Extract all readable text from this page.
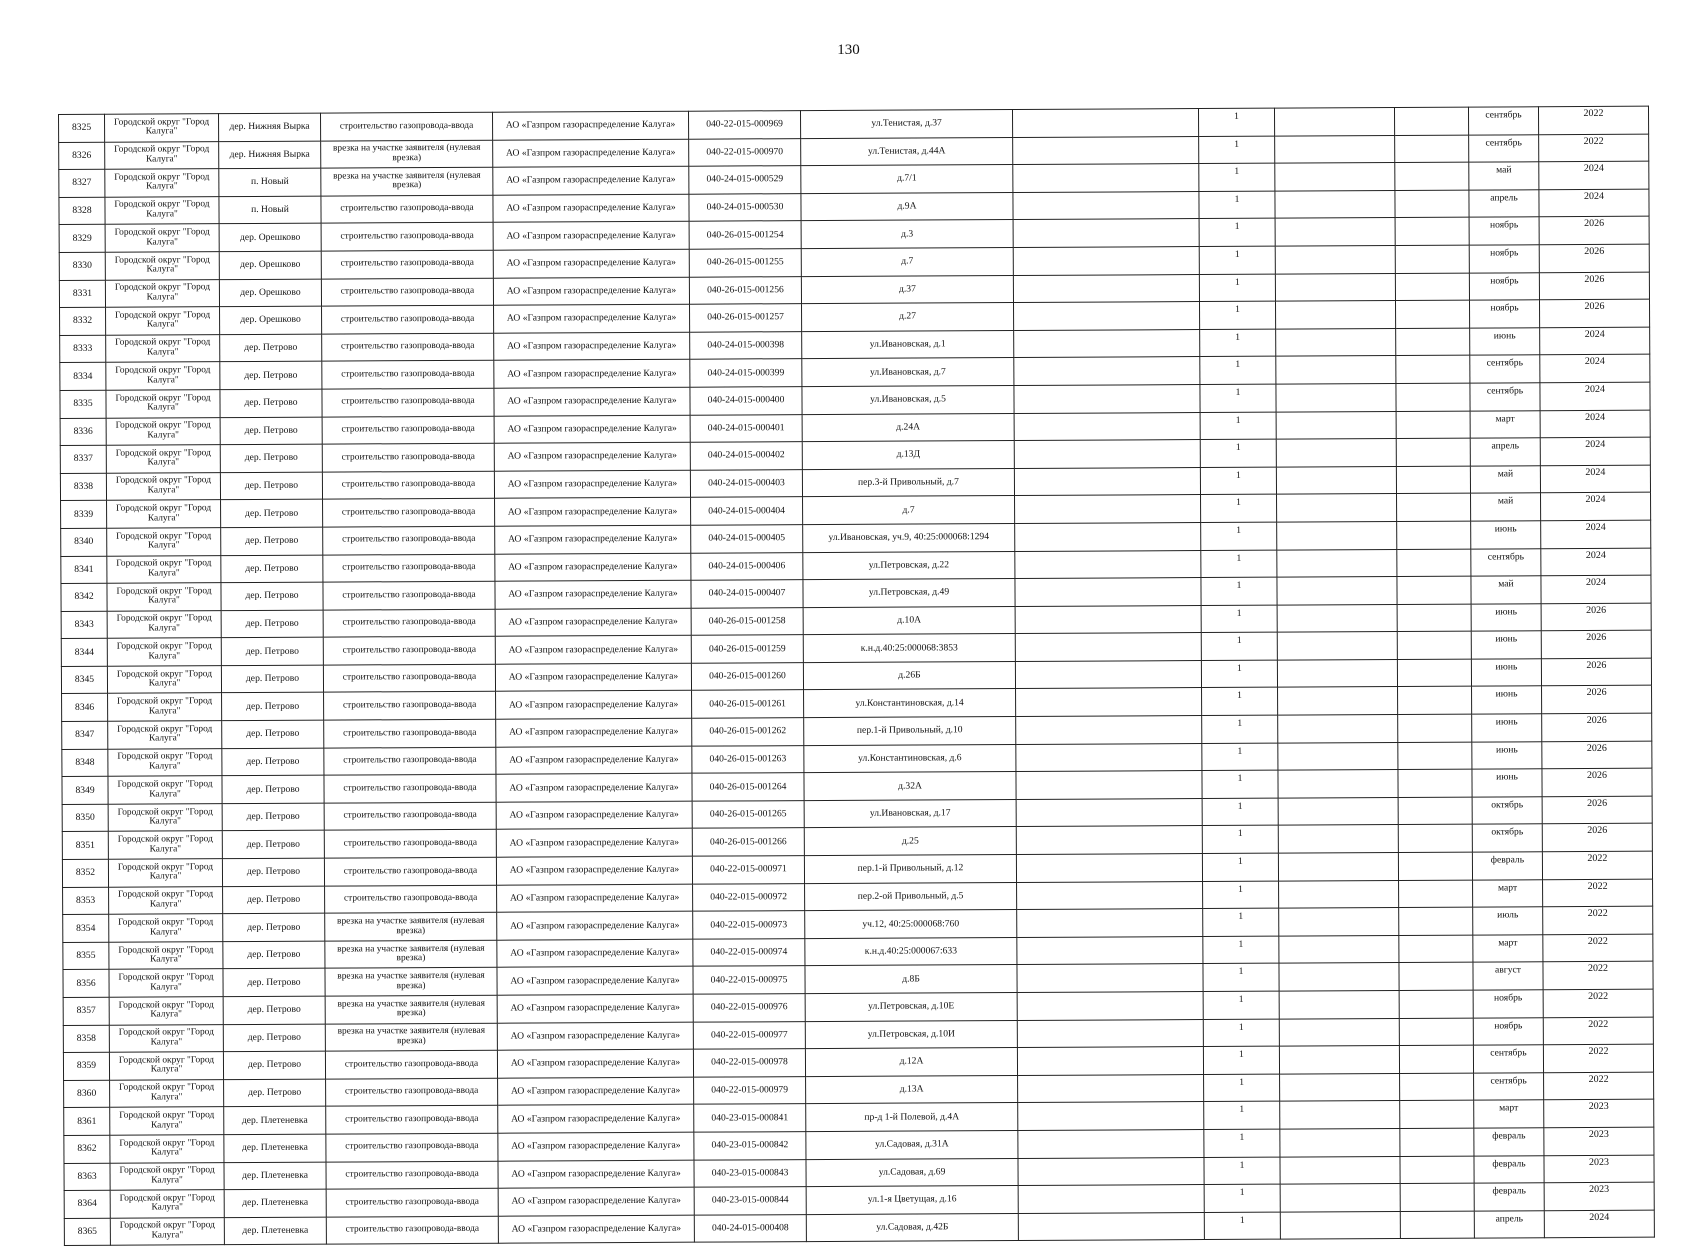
130
8325	Городской округ "Город Калуга"	дер. Нижняя Вырка	строительство газопровода-ввода	АО «Газпром газораспределение Калуга»	040-22-015-000969	ул.Тенистая, д.37		1			сентябрь	2022
8326	Городской округ "Город Калуга"	дер. Нижняя Вырка	врезка на участке заявителя (нулевая врезка)	АО «Газпром газораспределение Калуга»	040-22-015-000970	ул.Тенистая, д.44А		1			сентябрь	2022
8327	Городской округ "Город Калуга"	п. Новый	врезка на участке заявителя (нулевая врезка)	АО «Газпром газораспределение Калуга»	040-24-015-000529	д.7/1		1			май	2024
8328	Городской округ "Город Калуга"	п. Новый	строительство газопровода-ввода	АО «Газпром газораспределение Калуга»	040-24-015-000530	д.9А		1			апрель	2024
8329	Городской округ "Город Калуга"	дер. Орешково	строительство газопровода-ввода	АО «Газпром газораспределение Калуга»	040-26-015-001254	д.3		1			ноябрь	2026
8330	Городской округ "Город Калуга"	дер. Орешково	строительство газопровода-ввода	АО «Газпром газораспределение Калуга»	040-26-015-001255	д.7		1			ноябрь	2026
8331	Городской округ "Город Калуга"	дер. Орешково	строительство газопровода-ввода	АО «Газпром газораспределение Калуга»	040-26-015-001256	д.37		1			ноябрь	2026
8332	Городской округ "Город Калуга"	дер. Орешково	строительство газопровода-ввода	АО «Газпром газораспределение Калуга»	040-26-015-001257	д.27		1			ноябрь	2026
8333	Городской округ "Город Калуга"	дер. Петрово	строительство газопровода-ввода	АО «Газпром газораспределение Калуга»	040-24-015-000398	ул.Ивановская, д.1		1			июнь	2024
8334	Городской округ "Город Калуга"	дер. Петрово	строительство газопровода-ввода	АО «Газпром газораспределение Калуга»	040-24-015-000399	ул.Ивановская, д.7		1			сентябрь	2024
8335	Городской округ "Город Калуга"	дер. Петрово	строительство газопровода-ввода	АО «Газпром газораспределение Калуга»	040-24-015-000400	ул.Ивановская, д.5		1			сентябрь	2024
8336	Городской округ "Город Калуга"	дер. Петрово	строительство газопровода-ввода	АО «Газпром газораспределение Калуга»	040-24-015-000401	д.24А		1			март	2024
8337	Городской округ "Город Калуга"	дер. Петрово	строительство газопровода-ввода	АО «Газпром газораспределение Калуга»	040-24-015-000402	д.13Д		1			апрель	2024
8338	Городской округ "Город Калуга"	дер. Петрово	строительство газопровода-ввода	АО «Газпром газораспределение Калуга»	040-24-015-000403	пер.3-й Привольный, д.7		1			май	2024
8339	Городской округ "Город Калуга"	дер. Петрово	строительство газопровода-ввода	АО «Газпром газораспределение Калуга»	040-24-015-000404	д.7		1			май	2024
8340	Городской округ "Город Калуга"	дер. Петрово	строительство газопровода-ввода	АО «Газпром газораспределение Калуга»	040-24-015-000405	ул.Ивановская, уч.9, 40:25:000068:1294		1			июнь	2024
8341	Городской округ "Город Калуга"	дер. Петрово	строительство газопровода-ввода	АО «Газпром газораспределение Калуга»	040-24-015-000406	ул.Петровская, д.22		1			сентябрь	2024
8342	Городской округ "Город Калуга"	дер. Петрово	строительство газопровода-ввода	АО «Газпром газораспределение Калуга»	040-24-015-000407	ул.Петровская, д.49		1			май	2024
8343	Городской округ "Город Калуга"	дер. Петрово	строительство газопровода-ввода	АО «Газпром газораспределение Калуга»	040-26-015-001258	д.10А		1			июнь	2026
8344	Городской округ "Город Калуга"	дер. Петрово	строительство газопровода-ввода	АО «Газпром газораспределение Калуга»	040-26-015-001259	к.н.д.40:25:000068:3853		1			июнь	2026
8345	Городской округ "Город Калуга"	дер. Петрово	строительство газопровода-ввода	АО «Газпром газораспределение Калуга»	040-26-015-001260	д.26Б		1			июнь	2026
8346	Городской округ "Город Калуга"	дер. Петрово	строительство газопровода-ввода	АО «Газпром газораспределение Калуга»	040-26-015-001261	ул.Константиновская, д.14		1			июнь	2026
8347	Городской округ "Город Калуга"	дер. Петрово	строительство газопровода-ввода	АО «Газпром газораспределение Калуга»	040-26-015-001262	пер.1-й Привольный, д.10		1			июнь	2026
8348	Городской округ "Город Калуга"	дер. Петрово	строительство газопровода-ввода	АО «Газпром газораспределение Калуга»	040-26-015-001263	ул.Константиновская, д.6		1			июнь	2026
8349	Городской округ "Город Калуга"	дер. Петрово	строительство газопровода-ввода	АО «Газпром газораспределение Калуга»	040-26-015-001264	д.32А		1			июнь	2026
8350	Городской округ "Город Калуга"	дер. Петрово	строительство газопровода-ввода	АО «Газпром газораспределение Калуга»	040-26-015-001265	ул.Ивановская, д.17		1			октябрь	2026
8351	Городской округ "Город Калуга"	дер. Петрово	строительство газопровода-ввода	АО «Газпром газораспределение Калуга»	040-26-015-001266	д.25		1			октябрь	2026
8352	Городской округ "Город Калуга"	дер. Петрово	строительство газопровода-ввода	АО «Газпром газораспределение Калуга»	040-22-015-000971	пер.1-й Привольный, д.12		1			февраль	2022
8353	Городской округ "Город Калуга"	дер. Петрово	строительство газопровода-ввода	АО «Газпром газораспределение Калуга»	040-22-015-000972	пер.2-ой Привольный, д.5		1			март	2022
8354	Городской округ "Город Калуга"	дер. Петрово	врезка на участке заявителя (нулевая врезка)	АО «Газпром газораспределение Калуга»	040-22-015-000973	уч.12, 40:25:000068:760		1			июль	2022
8355	Городской округ "Город Калуга"	дер. Петрово	врезка на участке заявителя (нулевая врезка)	АО «Газпром газораспределение Калуга»	040-22-015-000974	к.н.д.40:25:000067:633		1			март	2022
8356	Городской округ "Город Калуга"	дер. Петрово	врезка на участке заявителя (нулевая врезка)	АО «Газпром газораспределение Калуга»	040-22-015-000975	д.8Б		1			август	2022
8357	Городской округ "Город Калуга"	дер. Петрово	врезка на участке заявителя (нулевая врезка)	АО «Газпром газораспределение Калуга»	040-22-015-000976	ул.Петровская, д.10Е		1			ноябрь	2022
8358	Городской округ "Город Калуга"	дер. Петрово	врезка на участке заявителя (нулевая врезка)	АО «Газпром газораспределение Калуга»	040-22-015-000977	ул.Петровская, д.10И		1			ноябрь	2022
8359	Городской округ "Город Калуга"	дер. Петрово	строительство газопровода-ввода	АО «Газпром газораспределение Калуга»	040-22-015-000978	д.12А		1			сентябрь	2022
8360	Городской округ "Город Калуга"	дер. Петрово	строительство газопровода-ввода	АО «Газпром газораспределение Калуга»	040-22-015-000979	д.13А		1			сентябрь	2022
8361	Городской округ "Город Калуга"	дер. Плетеневка	строительство газопровода-ввода	АО «Газпром газораспределение Калуга»	040-23-015-000841	пр-д 1-й Полевой, д.4А		1			март	2023
8362	Городской округ "Город Калуга"	дер. Плетеневка	строительство газопровода-ввода	АО «Газпром газораспределение Калуга»	040-23-015-000842	ул.Садовая, д.31А		1			февраль	2023
8363	Городской округ "Город Калуга"	дер. Плетеневка	строительство газопровода-ввода	АО «Газпром газораспределение Калуга»	040-23-015-000843	ул.Садовая, д.69		1			февраль	2023
8364	Городской округ "Город Калуга"	дер. Плетеневка	строительство газопровода-ввода	АО «Газпром газораспределение Калуга»	040-23-015-000844	ул.1-я Цветущая, д.16		1			февраль	2023
8365	Городской округ "Город Калуга"	дер. Плетеневка	строительство газопровода-ввода	АО «Газпром газораспределение Калуга»	040-24-015-000408	ул.Садовая, д.42Б		1			апрель	2024
